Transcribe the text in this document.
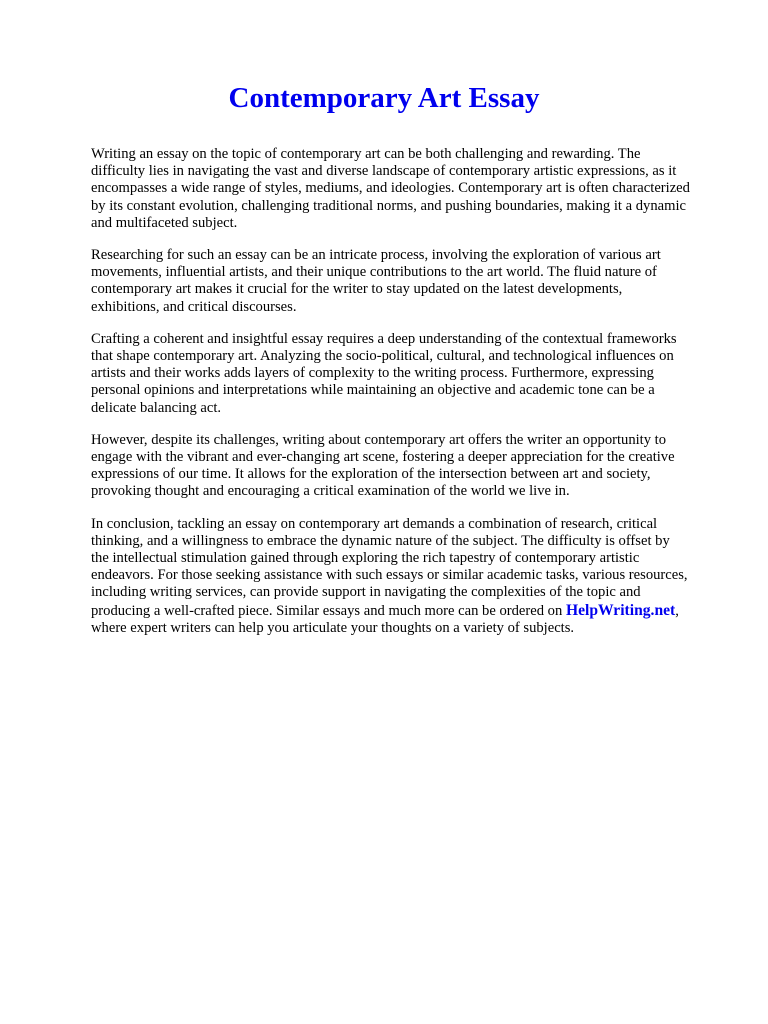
Contemporary Art Essay

Writing an essay on the topic of contemporary art can be both challenging and rewarding. The difficulty lies in navigating the vast and diverse landscape of contemporary artistic expressions, as it encompasses a wide range of styles, mediums, and ideologies. Contemporary art is often characterized by its constant evolution, challenging traditional norms, and pushing boundaries, making it a dynamic and multifaceted subject.

Researching for such an essay can be an intricate process, involving the exploration of various art movements, influential artists, and their unique contributions to the art world. The fluid nature of contemporary art makes it crucial for the writer to stay updated on the latest developments, exhibitions, and critical discourses.

Crafting a coherent and insightful essay requires a deep understanding of the contextual frameworks that shape contemporary art. Analyzing the socio-political, cultural, and technological influences on artists and their works adds layers of complexity to the writing process. Furthermore, expressing personal opinions and interpretations while maintaining an objective and academic tone can be a delicate balancing act.

However, despite its challenges, writing about contemporary art offers the writer an opportunity to engage with the vibrant and ever-changing art scene, fostering a deeper appreciation for the creative expressions of our time. It allows for the exploration of the intersection between art and society, provoking thought and encouraging a critical examination of the world we live in.

In conclusion, tackling an essay on contemporary art demands a combination of research, critical thinking, and a willingness to embrace the dynamic nature of the subject. The difficulty is offset by the intellectual stimulation gained through exploring the rich tapestry of contemporary artistic endeavors. For those seeking assistance with such essays or similar academic tasks, various resources, including writing services, can provide support in navigating the complexities of the topic and producing a well-crafted piece. Similar essays and much more can be ordered on HelpWriting.net, where expert writers can help you articulate your thoughts on a variety of subjects.
